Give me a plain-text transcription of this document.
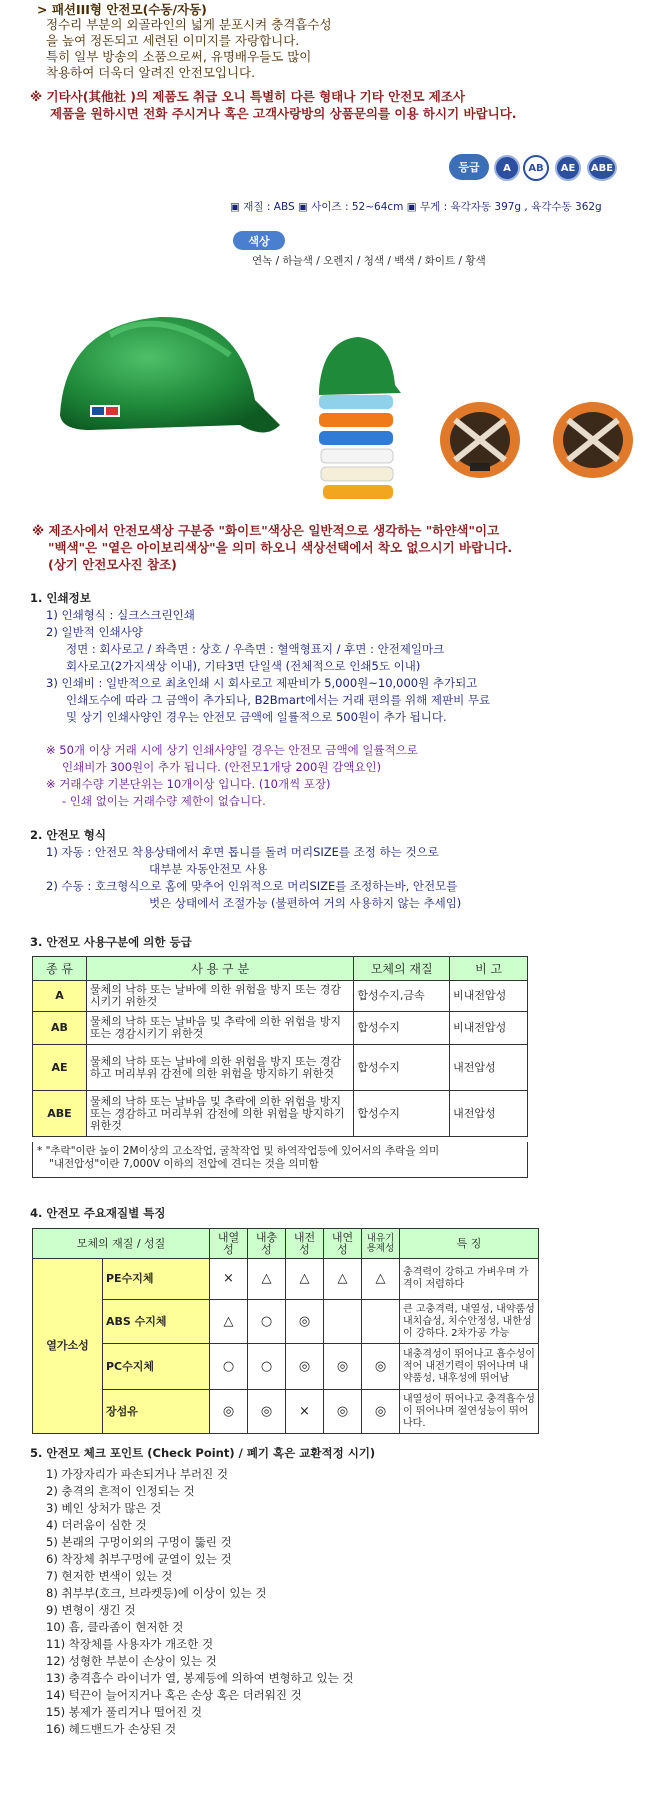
> 패션III형 안전모(수동/자동)
정수리 부분의 외골라인의 넓게 분포시켜 충격흡수성
을 높여 정돈되고 세련된 이미지를 자랑합니다.
특히 일부 방송의 소품으로써, 유명배우들도 많이
착용하여 더욱더 알려진 안전모입니다.
※ 기타사(其他社 )의 제품도 취급 오니 특별히 다른 형태나 기타 안전모 제조사
제품을 원하시면 전화 주시거나 혹은 고객사랑방의 상품문의를 이용 하시기 바랍니다.
등급	A	AB	AE	ABE
▣ 재질 : ABS ▣ 사이즈 : 52~64cm ▣ 무게 : 육각자동 397g , 육각수동 362g
색상
연녹 / 하늘색 / 오렌지 / 청색 / 백색 / 화이트 / 황색
※ 제조사에서 안전모색상 구분중 "화이트"색상은 일반적으로 생각하는 "하얀색"이고
"백색"은 "옅은 아이보리색상"을 의미 하오니 색상선택에서 착오 없으시기 바랍니다.
(상기 안전모사진 참조)
1. 인쇄정보
1) 인쇄형식 : 실크스크린인쇄
2) 일반적 인쇄사양
정면 : 회사로고 / 좌측면 : 상호 / 우측면 : 혈액형표지 / 후면 : 안전제일마크
회사로고(2가지색상 이내), 기타3면 단일색 (전체적으로 인쇄5도 이내)
3) 인쇄비 : 일반적으로 최초인쇄 시 회사로고 제판비가 5,000원~10,000원 추가되고
인쇄도수에 따라 그 금액이 추가되나, B2Bmart에서는 거래 편의를 위해 제판비 무료
및 상기 인쇄사양인 경우는 안전모 금액에 일률적으로 500원이 추가 됩니다.
※ 50개 이상 거래 시에 상기 인쇄사양일 경우는 안전모 금액에 일률적으로
인쇄비가 300원이 추가 됩니다. (안전모1개당 200원 감액요인)
※ 거래수량 기본단위는 10개이상 입니다. (10개씩 포장)
- 인쇄 없이는 거래수량 제한이 없습니다.
2. 안전모 형식
1) 자동 : 안전모 착용상태에서 후면 톱니를 돌려 머리SIZE를 조정 하는 것으로
대부분 자동안전모 사용
2) 수동 : 호크형식으로 홈에 맞추어 인위적으로 머리SIZE를 조정하는바, 안전모를
벗은 상태에서 조절가능 (불편하여 거의 사용하지 않는 추세임)
3. 안전모 사용구분에 의한 등급
종 류	사 용 구 분	모체의 재질	비 고
A	물체의 낙하 또는 날바에 의한 위험을 방지 또는 경감시키기 위한것	합성수지,금속	비내전압성
AB	물체의 낙하 또는 날바음 및 추락에 의한 위험을 방지 또는 경감시키기 위한것	합성수지	비내전압성
AE	물체의 낙하 또는 날바에 의한 위험을 방지 또는 경감하고 머리부위 감전에 의한 위험을 방지하기 위한것	합성수지	내전압성
ABE	물체의 낙하 또는 날바음 및 추락에 의한 위험을 방지 또는 경감하고 머리부위 감전에 의한 위험을 방지하기 위한것	합성수지	내전압성
* "추락"이란 높이 2M이상의 고소작업, 굴착작업 및 하역작업등에 있어서의 추락을 의미
"내전압성"이란 7,000V 이하의 전압에 견디는 것을 의미함
4. 안전모 주요재질별 특징
모체의 재질 / 성질		내열성	내충성	내전성	내연성	내유기용제성	특 징
열가소성	PE수지체	×	△	△	△	△	충격력이 강하고 가벼우며 가격이 저렴하다
	ABS 수지체	△	○	◎			큰 고충격력, 내열성, 내약품성 내치습성, 치수안정성, 내한성이 강하다. 2차가공 가능
	PC수지체	○	○	◎	◎	◎	내충격성이 뛰어나고 흡수성이 적어 내전기력이 뛰어나며 내약품성, 내후성에 뛰어남
	장섬유	◎	◎	×	◎	◎	내열성이 뛰어나고 충격흡수성이 뛰어나며 절연성능이 뛰어나다.
5. 안전모 체크 포인트 (Check Point) / 폐기 혹은 교환적정 시기)
1) 가장자리가 파손되거나 부러진 것
2) 충격의 흔적이 인정되는 것
3) 베인 상처가 많은 것
4) 더러움이 심한 것
5) 본래의 구멍이외의 구멍이 뚫린 것
6) 착장체 취부구멍에 균열이 있는 것
7) 현저한 변색이 있는 것
8) 취부부(호크, 브라켓등)에 이상이 있는 것
9) 변형이 생긴 것
10) 흠, 클라좀이 현저한 것
11) 착장체를 사용자가 개조한 것
12) 성형한 부분이 손상이 있는 것
13) 충격흡수 라이너가 열, 봉제등에 의하여 변형하고 있는 것
14) 턱끈이 늘어지거나 혹은 손상 혹은 더러워진 것
15) 봉제가 풀리거나 떨어진 것
16) 헤드밴드가 손상된 것
